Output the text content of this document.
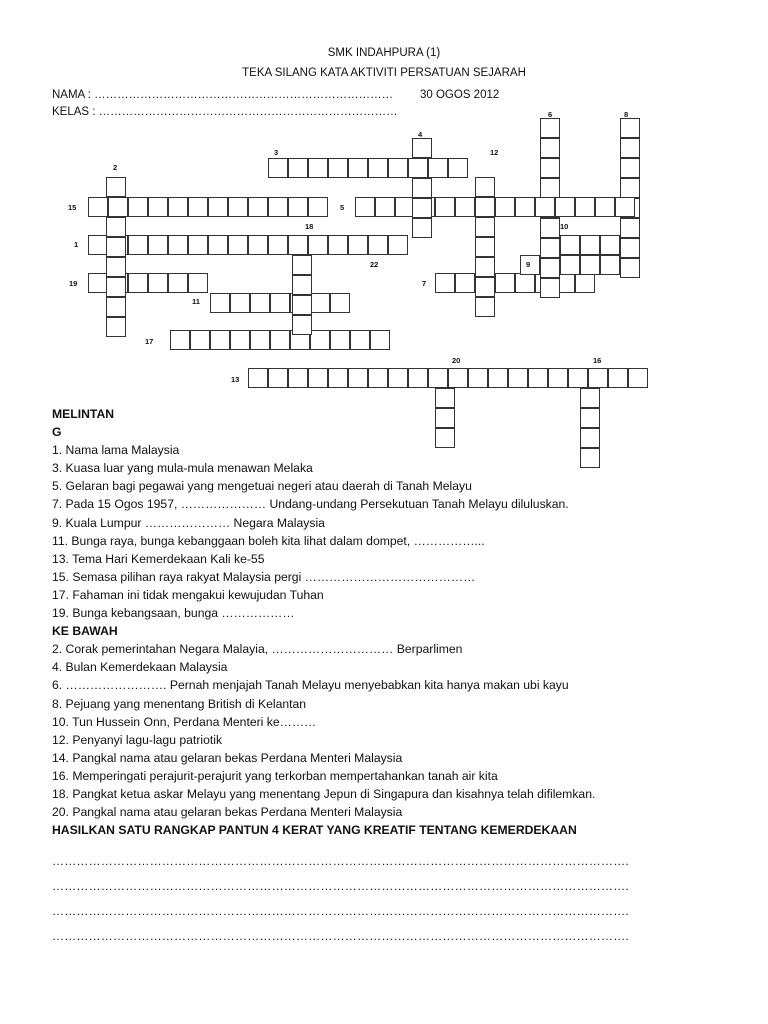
SMK INDAHPURA (1)
TEKA SILANG KATA AKTIVITI PERSATUAN SEJARAH
NAMA : …………………………………………………………………… 30 OGOS 2012
KELAS : ……………………………………………………………………	6	8
4
3	12
2
15	5
18	10
1
22	9
19	7
11
17
20	16
13
MELINTAN
G
1. Nama lama Malaysia
3. Kuasa luar yang mula-mula menawan Melaka
5. Gelaran bagi pegawai yang mengetuai negeri atau daerah di Tanah Melayu
7. Pada 15 Ogos 1957, ………………… Undang-undang Persekutuan Tanah Melayu diluluskan.
9. Kuala Lumpur ………………… Negara Malaysia
11. Bunga raya, bunga kebanggaan boleh kita lihat dalam dompet, ……………...
13. Tema Hari Kemerdekaan Kali ke-55
15. Semasa pilihan raya rakyat Malaysia pergi ……………………………………
17. Fahaman ini tidak mengakui kewujudan Tuhan
19. Bunga kebangsaan, bunga ………………
KE BAWAH
2. Corak pemerintahan Negara Malayia, ………………………… Berparlimen
4. Bulan Kemerdekaan Malaysia
6. ……………………. Pernah menjajah Tanah Melayu menyebabkan kita hanya makan ubi kayu
8. Pejuang yang menentang British di Kelantan
10. Tun Hussein Onn, Perdana Menteri ke………
12. Penyanyi lagu-lagu patriotik
14. Pangkal nama atau gelaran bekas Perdana Menteri Malaysia
16. Memperingati perajurit-perajurit yang terkorban mempertahankan tanah air kita
18. Pangkat ketua askar Melayu yang menentang Jepun di Singapura dan kisahnya telah difilemkan.
20. Pangkal nama atau gelaran bekas Perdana Menteri Malaysia
HASILKAN SATU RANGKAP PANTUN 4 KERAT YANG KREATIF TENTANG KEMERDEKAAN
…………………………………………………………………………………………………………………………….
…………………………………………………………………………………………………………………………….
…………………………………………………………………………………………………………………………….
…………………………………………………………………………………………………………………………….
